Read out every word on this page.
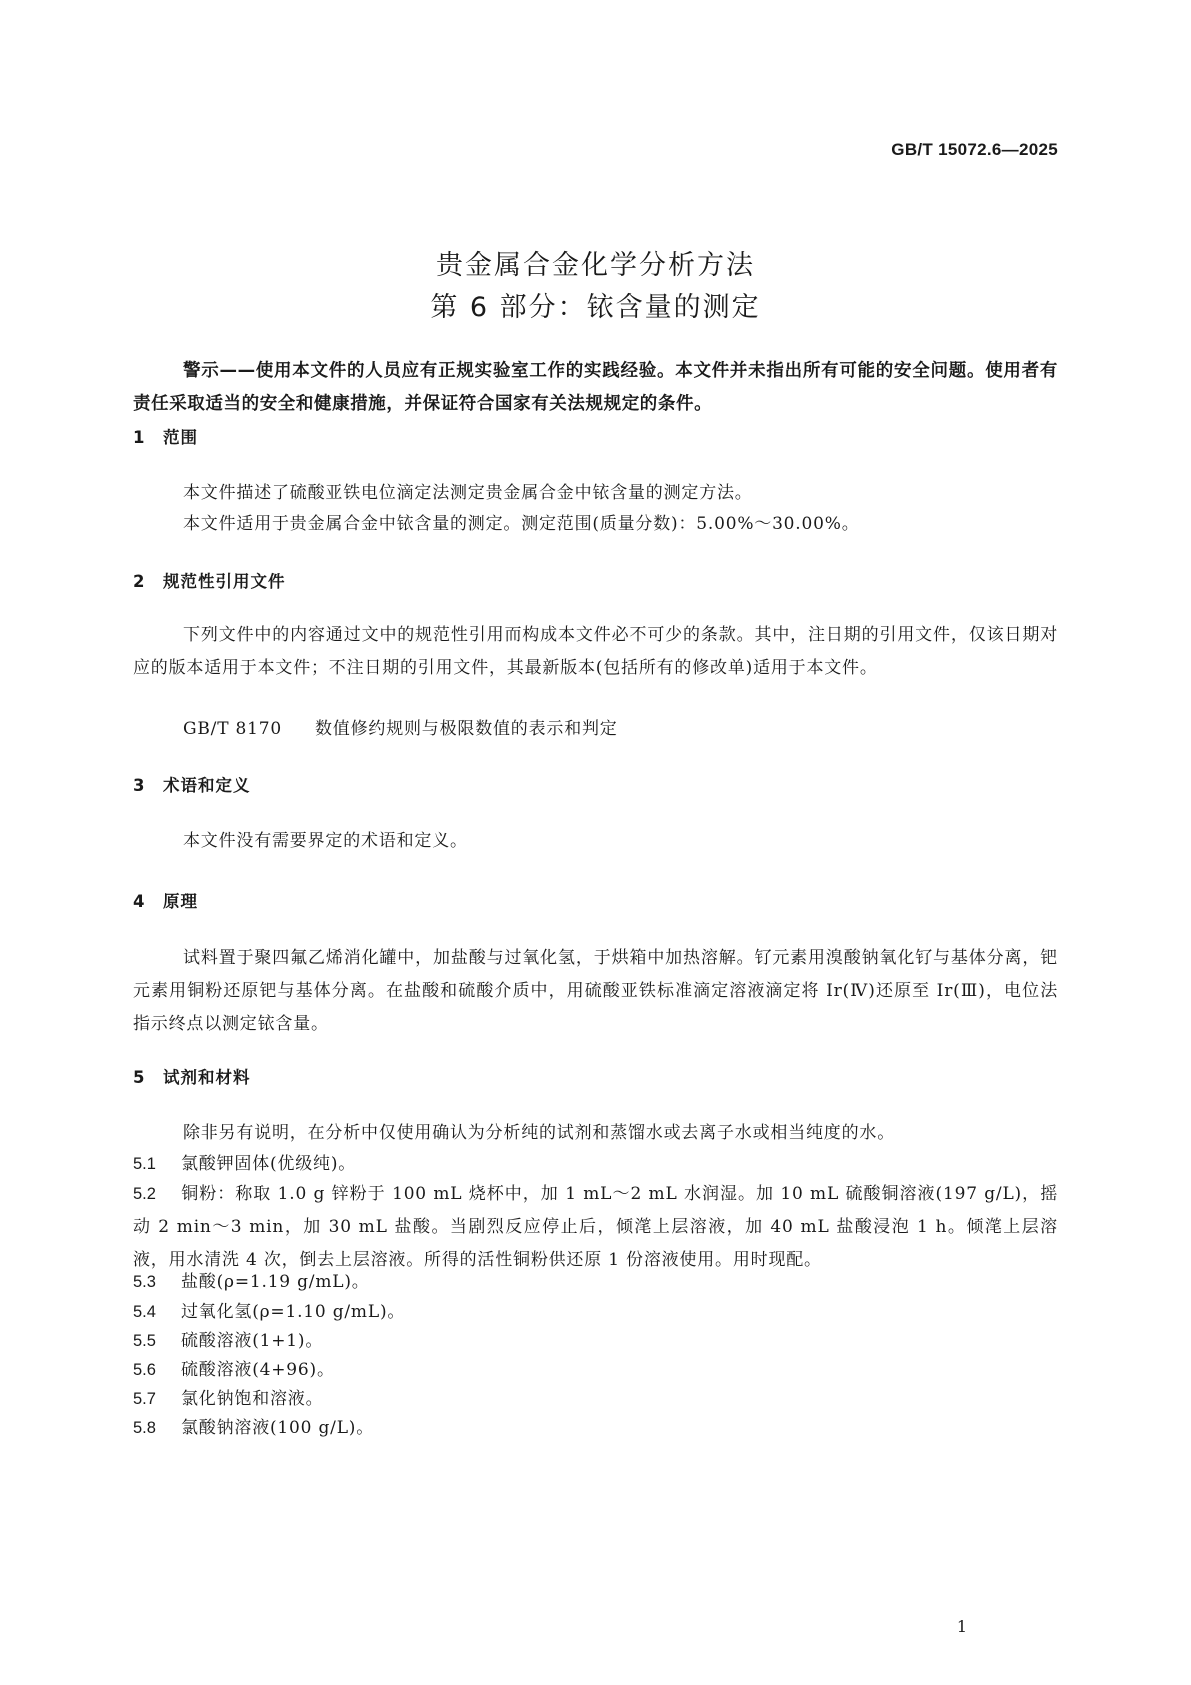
GB/T 15072.6—2025
贵金属合金化学分析方法
第 6 部分：铱含量的测定
警示——使用本文件的人员应有正规实验室工作的实践经验。本文件并未指出所有可能的安全问题。使用者有责任采取适当的安全和健康措施，并保证符合国家有关法规规定的条件。
1 范围
本文件描述了硫酸亚铁电位滴定法测定贵金属合金中铱含量的测定方法。
本文件适用于贵金属合金中铱含量的测定。测定范围(质量分数)：5.00%～30.00%。
2 规范性引用文件
下列文件中的内容通过文中的规范性引用而构成本文件必不可少的条款。其中，注日期的引用文件，仅该日期对应的版本适用于本文件；不注日期的引用文件，其最新版本(包括所有的修改单)适用于本文件。
GB/T 8170 数值修约规则与极限数值的表示和判定
3 术语和定义
本文件没有需要界定的术语和定义。
4 原理
试料置于聚四氟乙烯消化罐中，加盐酸与过氧化氢，于烘箱中加热溶解。钌元素用溴酸钠氧化钌与基体分离，钯元素用铜粉还原钯与基体分离。在盐酸和硫酸介质中，用硫酸亚铁标准滴定溶液滴定将 Ir(Ⅳ)还原至 Ir(Ⅲ)，电位法指示终点以测定铱含量。
5 试剂和材料
除非另有说明，在分析中仅使用确认为分析纯的试剂和蒸馏水或去离子水或相当纯度的水。
5.1 氯酸钾固体(优级纯)。
5.2 铜粉：称取 1.0 g 锌粉于 100 mL 烧杯中，加 1 mL～2 mL 水润湿。加 10 mL 硫酸铜溶液(197 g/L)，摇动 2 min～3 min，加 30 mL 盐酸。当剧烈反应停止后，倾滗上层溶液，加 40 mL 盐酸浸泡 1 h。倾滗上层溶液，用水清洗 4 次，倒去上层溶液。所得的活性铜粉供还原 1 份溶液使用。用时现配。
5.3 盐酸(ρ=1.19 g/mL)。
5.4 过氧化氢(ρ=1.10 g/mL)。
5.5 硫酸溶液(1+1)。
5.6 硫酸溶液(4+96)。
5.7 氯化钠饱和溶液。
5.8 氯酸钠溶液(100 g/L)。
1
